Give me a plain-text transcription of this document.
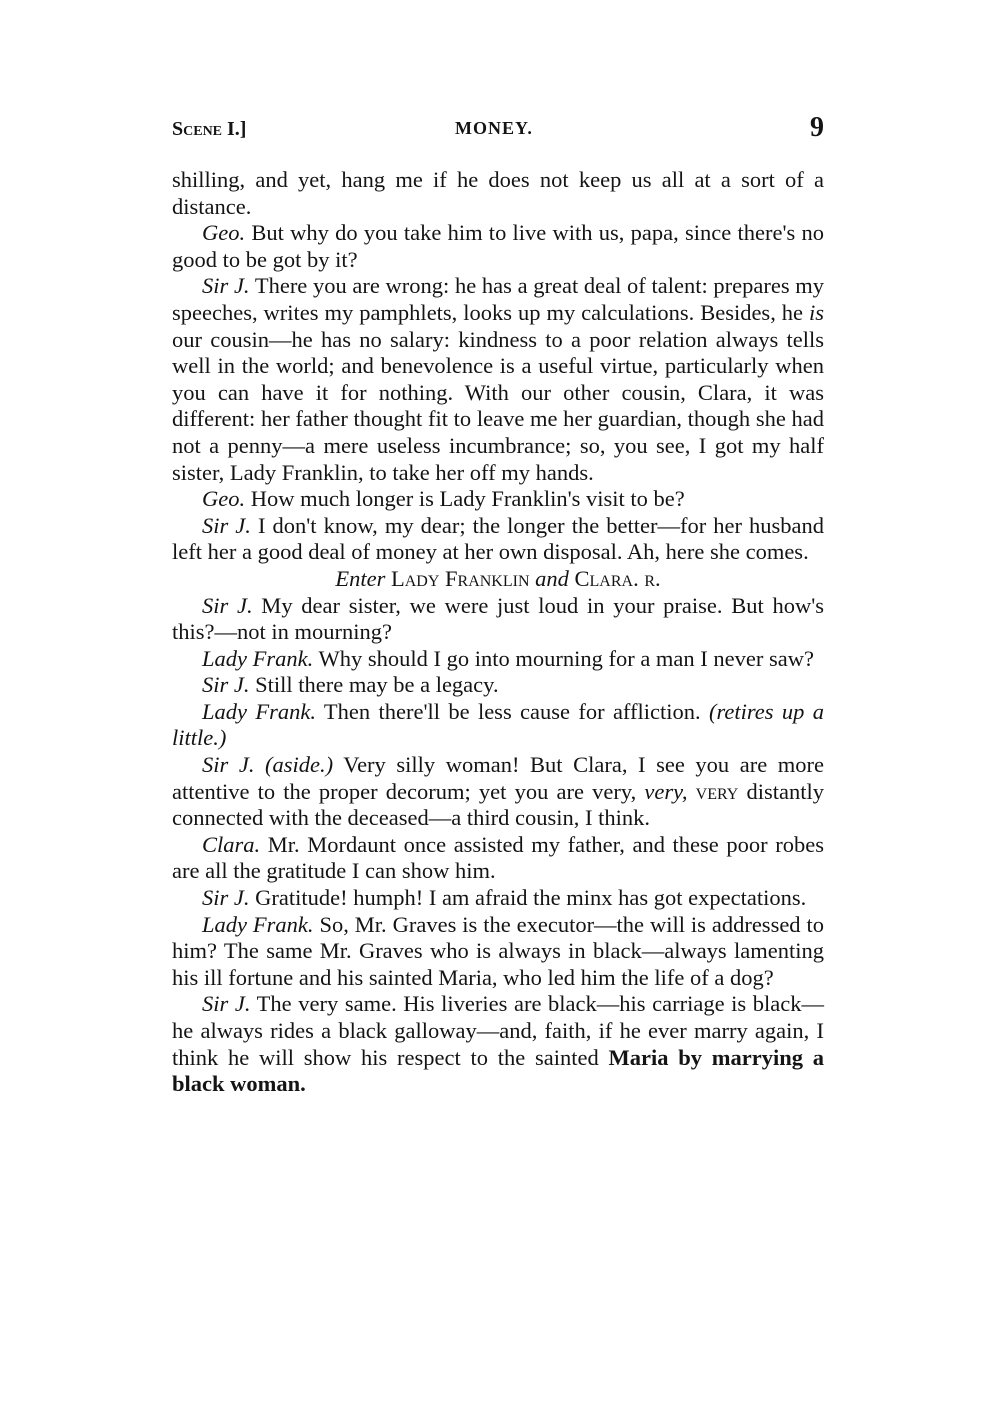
Scene I.]	MONEY.	9

shilling, and yet, hang me if he does not keep us all at a sort of a distance.

Geo. But why do you take him to live with us, papa, since there's no good to be got by it?

Sir J. There you are wrong: he has a great deal of talent: prepares my speeches, writes my pamphlets, looks up my calculations. Besides, he is our cousin—he has no salary: kindness to a poor relation always tells well in the world; and benevolence is a useful virtue, particularly when you can have it for nothing. With our other cousin, Clara, it was different: her father thought fit to leave me her guardian, though she had not a penny—a mere useless incumbrance; so, you see, I got my half sister, Lady Franklin, to take her off my hands.

Geo. How much longer is Lady Franklin's visit to be?

Sir J. I don't know, my dear; the longer the better—for her husband left her a good deal of money at her own disposal. Ah, here she comes.

Enter Lady Franklin and Clara. r.

Sir J. My dear sister, we were just loud in your praise. But how's this?—not in mourning?

Lady Frank. Why should I go into mourning for a man I never saw?

Sir J. Still there may be a legacy.

Lady Frank. Then there'll be less cause for affliction. (retires up a little.)

Sir J. (aside.) Very silly woman! But Clara, I see you are more attentive to the proper decorum; yet you are very, very, very distantly connected with the deceased—a third cousin, I think.

Clara. Mr. Mordaunt once assisted my father, and these poor robes are all the gratitude I can show him.

Sir J. Gratitude! humph! I am afraid the minx has got expectations.

Lady Frank. So, Mr. Graves is the executor—the will is addressed to him? The same Mr. Graves who is always in black—always lamenting his ill fortune and his sainted Maria, who led him the life of a dog?

Sir J. The very same. His liveries are black—his carriage is black—he always rides a black galloway—and, faith, if he ever marry again, I think he will show his respect to the sainted Maria by marrying a black woman.
